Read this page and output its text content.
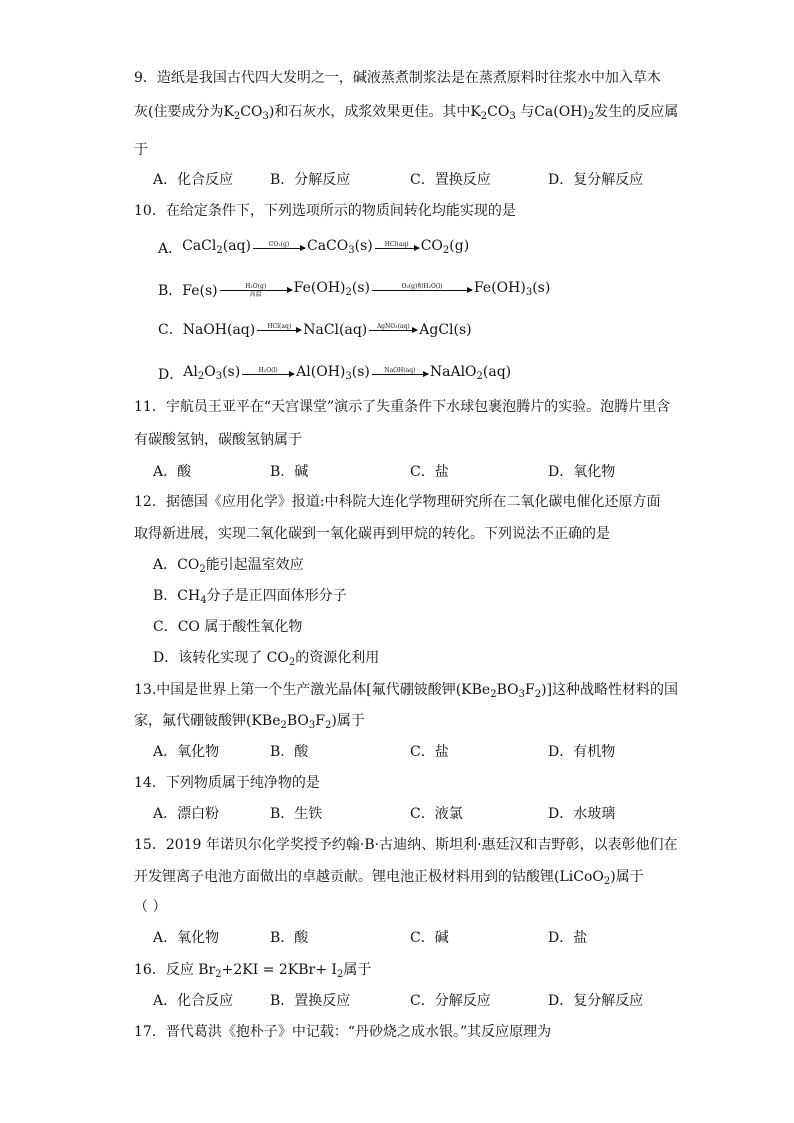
9．造纸是我国古代四大发明之一，碱液蒸煮制浆法是在蒸煮原料时往浆水中加入草木
灰(住要成分为$K_2CO_3$)和石灰水，成浆效果更佳。其中$K_2CO_3$ 与$Ca(OH)_2$发生的反应属
于
A．化合反应	B．分解反应	C．置换反应	D．复分解反应
10．在给定条件下，下列选项所示的物质间转化均能实现的是
A． CaCl$_2$(aq)	CO₂(g)
CaCO$_3$(s) HCl(aq)
$CO_2(g)$
B． Fe(s)	H₂O(g)
高温 $Fe(OH)_2(s)$	O₂(g)和H₂O(l)
$Fe(OH)_3(s)$
C． NaOH(aq) HCl(aq)
NaCl(aq) AgNO₃(aq)
AgCl(s)
D． $Al_2O_3(s)$	H₂O(l)
$Al(OH)_3(s)$ NaOH(aq)
NaAlO$_2$(aq)
11．宇航员王亚平在“天宫课堂”演示了失重条件下水球包裹泡腾片的实验。泡腾片里含
有碳酸氢钠，碳酸氢钠属于
A．酸	B．碱	C．盐	D．氧化物
12．据德国《应用化学》报道:中科院大连化学物理研究所在二氧化碳电催化还原方面
取得新进展，实现二氧化碳到一氧化碳再到甲烷的转化。下列说法不正确的是
A．$CO_2$能引起温室效应
B．$CH_4$分子是正四面体形分子
C．CO 属于酸性氧化物
D．该转化实现了 $CO_2$的资源化利用
13.中国是世界上第一个生产激光晶体[氟代硼铍酸钾$(KBe_2BO_3F_2)$]这种战略性材料的国
家，氟代硼铍酸钾$(KBe_2BO_3F_2)$属于
A．氧化物	B．酸	C．盐	D．有机物
14．下列物质属于纯净物的是
A．漂白粉	B．生铁	C．液氯	D．水玻璃
15．2019 年诺贝尔化学奖授予约翰·B·古迪纳、斯坦利·惠廷汉和吉野彰，以表彰他们在
开发锂离子电池方面做出的卓越贡献。锂电池正极材料用到的钴酸锂(LiCoO$_2$)属于
（ ）
A．氧化物	B．酸	C．碱	D．盐
16．反应 $Br_2+2KI = 2KBr+ I_2$属于
A．化合反应	B．置换反应	C．分解反应	D．复分解反应
17．晋代葛洪《抱朴子》中记载：“丹砂烧之成水银。”其反应原理为
